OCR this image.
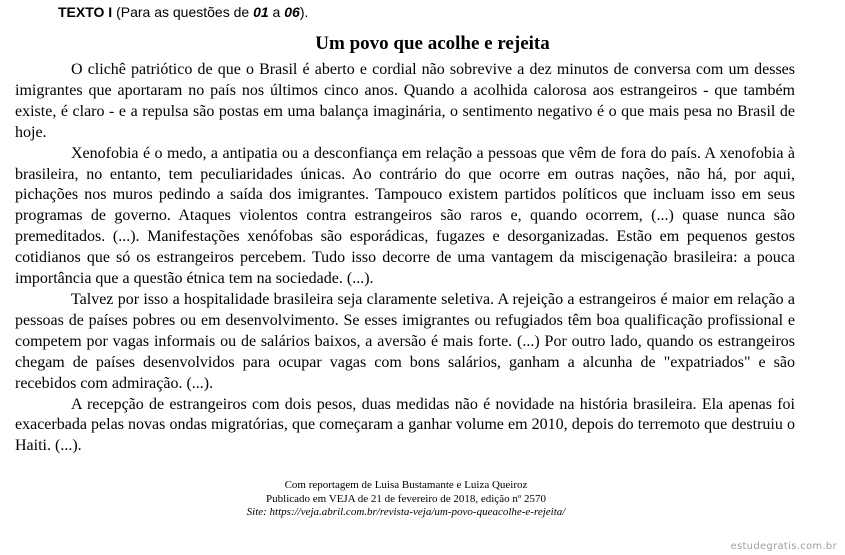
TEXTO I (Para as questões de 01 a 06).
Um povo que acolhe e rejeita

O clichê patriótico de que o Brasil é aberto e cordial não sobrevive a dez minutos de conversa com um desses imigrantes que aportaram no país nos últimos cinco anos. Quando a acolhida calorosa aos estrangeiros - que também existe, é claro - e a repulsa são postas em uma balança imaginária, o sentimento negativo é o que mais pesa no Brasil de hoje.

Xenofobia é o medo, a antipatia ou a desconfiança em relação a pessoas que vêm de fora do país. A xenofobia à brasileira, no entanto, tem peculiaridades únicas. Ao contrário do que ocorre em outras nações, não há, por aqui, pichações nos muros pedindo a saída dos imigrantes. Tampouco existem partidos políticos que incluam isso em seus programas de governo. Ataques violentos contra estrangeiros são raros e, quando ocorrem, (...) quase nunca são premeditados. (...). Manifestações xenófobas são esporádicas, fugazes e desorganizadas. Estão em pequenos gestos cotidianos que só os estrangeiros percebem. Tudo isso decorre de uma vantagem da miscigenação brasileira: a pouca importância que a questão étnica tem na sociedade. (...).

Talvez por isso a hospitalidade brasileira seja claramente seletiva. A rejeição a estrangeiros é maior em relação a pessoas de países pobres ou em desenvolvimento. Se esses imigrantes ou refugiados têm boa qualificação profissional e competem por vagas informais ou de salários baixos, a aversão é mais forte. (...) Por outro lado, quando os estrangeiros chegam de países desenvolvidos para ocupar vagas com bons salários, ganham a alcunha de "expatriados" e são recebidos com admiração. (...).

A recepção de estrangeiros com dois pesos, duas medidas não é novidade na história brasileira. Ela apenas foi exacerbada pelas novas ondas migratórias, que começaram a ganhar volume em 2010, depois do terremoto que destruiu o Haiti. (...).

Com reportagem de Luisa Bustamante e Luiza Queiroz
Publicado em VEJA de 21 de fevereiro de 2018, edição nº 2570
Site: https://veja.abril.com.br/revista-veja/um-povo-queacolhe-e-rejeita/
estudegratis.com.br
